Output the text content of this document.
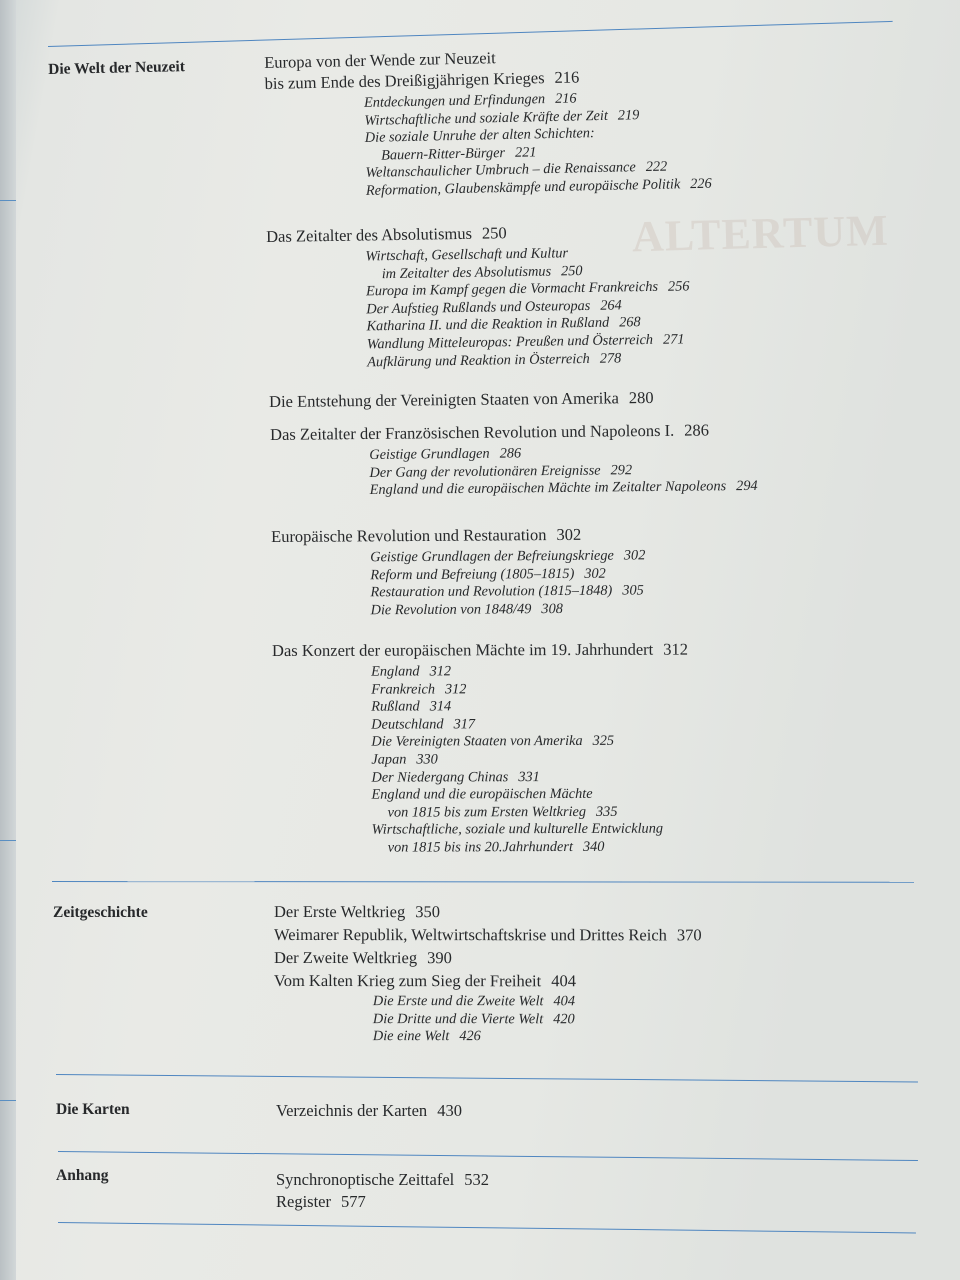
ALTERTUM
Die Welt der Neuzeit	Europa von der Wende zur Neuzeit
bis zum Ende des Dreißigjährigen Krieges 216
Entdeckungen und Erfindungen 216
Wirtschaftliche und soziale Kräfte der Zeit 219
Die soziale Unruhe der alten Schichten:
Bauern-Ritter-Bürger 221
Weltanschaulicher Umbruch – die Renaissance 222
Reformation, Glaubenskämpfe und europäische Politik 226
Das Zeitalter des Absolutismus 250
Wirtschaft, Gesellschaft und Kultur
im Zeitalter des Absolutismus 250
Europa im Kampf gegen die Vormacht Frankreichs 256
Der Aufstieg Rußlands und Osteuropas 264
Katharina II. und die Reaktion in Rußland 268
Wandlung Mitteleuropas: Preußen und Österreich 271
Aufklärung und Reaktion in Österreich 278
Die Entstehung der Vereinigten Staaten von Amerika 280
Das Zeitalter der Französischen Revolution und Napoleons I. 286
Geistige Grundlagen 286
Der Gang der revolutionären Ereignisse 292
England und die europäischen Mächte im Zeitalter Napoleons 294
Europäische Revolution und Restauration 302
Geistige Grundlagen der Befreiungskriege 302
Reform und Befreiung (1805–1815) 302
Restauration und Revolution (1815–1848) 305
Die Revolution von 1848/49 308
Das Konzert der europäischen Mächte im 19. Jahrhundert 312
England 312
Frankreich 312
Rußland 314
Deutschland 317
Die Vereinigten Staaten von Amerika 325
Japan 330
Der Niedergang Chinas 331
England und die europäischen Mächte
von 1815 bis zum Ersten Weltkrieg 335
Wirtschaftliche, soziale und kulturelle Entwicklung
von 1815 bis ins 20.Jahrhundert 340
Zeitgeschichte	Der Erste Weltkrieg 350
Weimarer Republik, Weltwirtschaftskrise und Drittes Reich 370
Der Zweite Weltkrieg 390
Vom Kalten Krieg zum Sieg der Freiheit 404
Die Erste und die Zweite Welt 404
Die Dritte und die Vierte Welt 420
Die eine Welt 426
Die Karten	Verzeichnis der Karten 430
Anhang	Synchronoptische Zeittafel 532
Register 577
